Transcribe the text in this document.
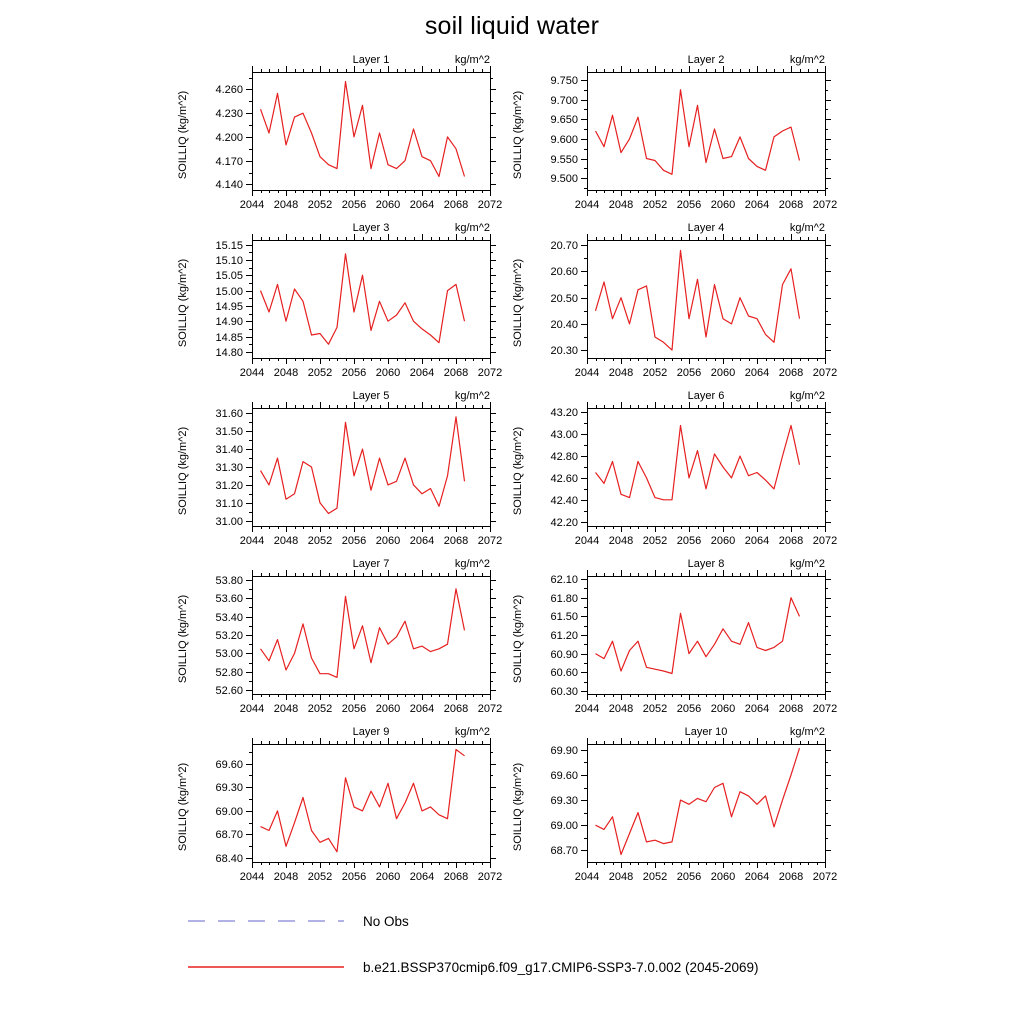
soil liquid water
Layer 1	kg/m^2
2044 2048 2052 2056 2060 2064 2068 2072
4.140
4.170
4.200
4.230
4.260
SOILLIQ (kg/m^2)
Layer 2	kg/m^2
2044 2048 2052 2056 2060 2064 2068 2072
9.500
9.550
9.600
9.650
9.700
9.750
SOILLIQ (kg/m^2)
Layer 3	kg/m^2
2044 2048 2052 2056 2060 2064 2068 2072
14.80
14.85
14.90
14.95
15.00
15.05
15.10
15.15
SOILLIQ (kg/m^2)
Layer 4	kg/m^2
2044 2048 2052 2056 2060 2064 2068 2072
20.30
20.40
20.50
20.60
20.70
SOILLIQ (kg/m^2)
Layer 5	kg/m^2
2044 2048 2052 2056 2060 2064 2068 2072
31.00
31.10
31.20
31.30
31.40
31.50
31.60
SOILLIQ (kg/m^2)
Layer 6	kg/m^2
2044 2048 2052 2056 2060 2064 2068 2072
42.20
42.40
42.60
42.80
43.00
43.20
SOILLIQ (kg/m^2)
Layer 7	kg/m^2
2044 2048 2052 2056 2060 2064 2068 2072
52.60
52.80
53.00
53.20
53.40
53.60
53.80
SOILLIQ (kg/m^2)
Layer 8	kg/m^2
2044 2048 2052 2056 2060 2064 2068 2072
60.30
60.60
60.90
61.20
61.50
61.80
62.10
SOILLIQ (kg/m^2)
Layer 9	kg/m^2
2044 2048 2052 2056 2060 2064 2068 2072
68.40
68.70
69.00
69.30
69.60
SOILLIQ (kg/m^2)
Layer 10	kg/m^2
2044 2048 2052 2056 2060 2064 2068 2072
68.70
69.00
69.30
69.60
69.90
SOILLIQ (kg/m^2)
No Obs
b.e21.BSSP370cmip6.f09_g17.CMIP6-SSP3-7.0.002 (2045-2069)
